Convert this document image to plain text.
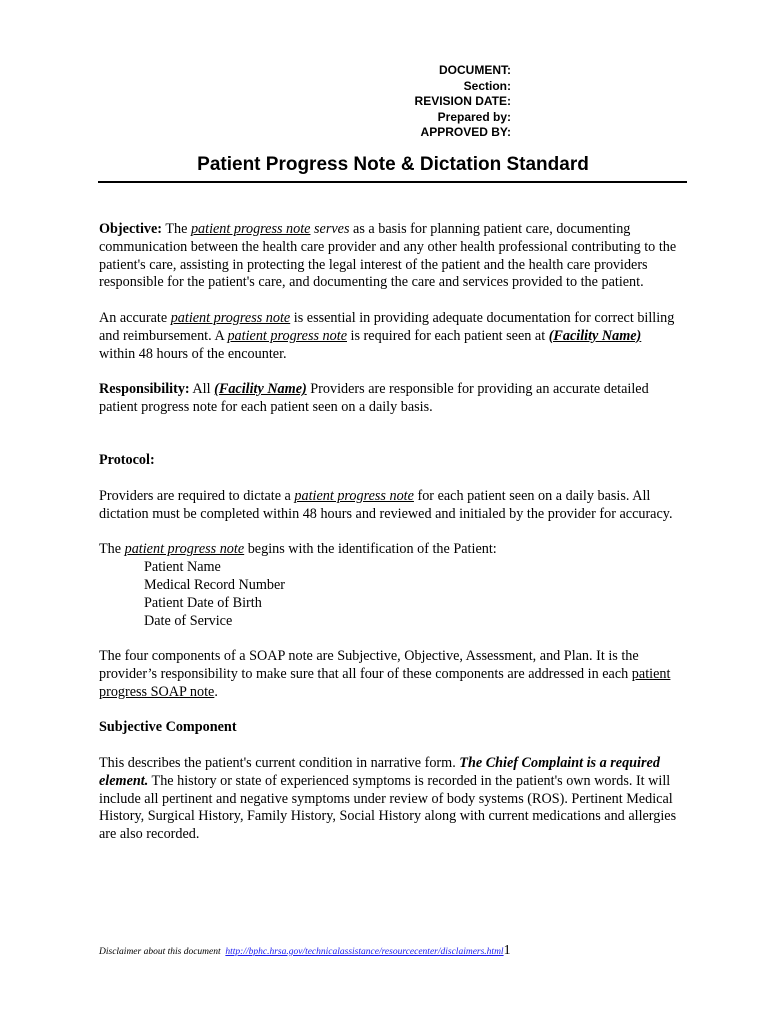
DOCUMENT:
Section:
REVISION DATE:
Prepared by:
APPROVED BY:
Patient Progress Note & Dictation Standard

Objective: The patient progress note serves as a basis for planning patient care, documenting communication between the health care provider and any other health professional contributing to the patient's care, assisting in protecting the legal interest of the patient and the health care providers responsible for the patient's care, and documenting the care and services provided to the patient.

An accurate patient progress note is essential in providing adequate documentation for correct billing and reimbursement. A patient progress note is required for each patient seen at (Facility Name) within 48 hours of the encounter.

Responsibility: All (Facility Name) Providers are responsible for providing an accurate detailed patient progress note for each patient seen on a daily basis.

Protocol:

Providers are required to dictate a patient progress note for each patient seen on a daily basis. All dictation must be completed within 48 hours and reviewed and initialed by the provider for accuracy.

The patient progress note begins with the identification of the Patient:

Patient Name
Medical Record Number
Patient Date of Birth
Date of Service

The four components of a SOAP note are Subjective, Objective, Assessment, and Plan. It is the provider’s responsibility to make sure that all four of these components are addressed in each patient progress SOAP note.

Subjective Component

This describes the patient's current condition in narrative form. The Chief Complaint is a required element. The history or state of experienced symptoms is recorded in the patient's own words. It will include all pertinent and negative symptoms under review of body systems (ROS). Pertinent Medical History, Surgical History, Family History, Social History along with current medications and allergies are also recorded.

Disclaimer about this document http://bphc.hrsa.gov/technicalassistance/resourcecenter/disclaimers.html1
